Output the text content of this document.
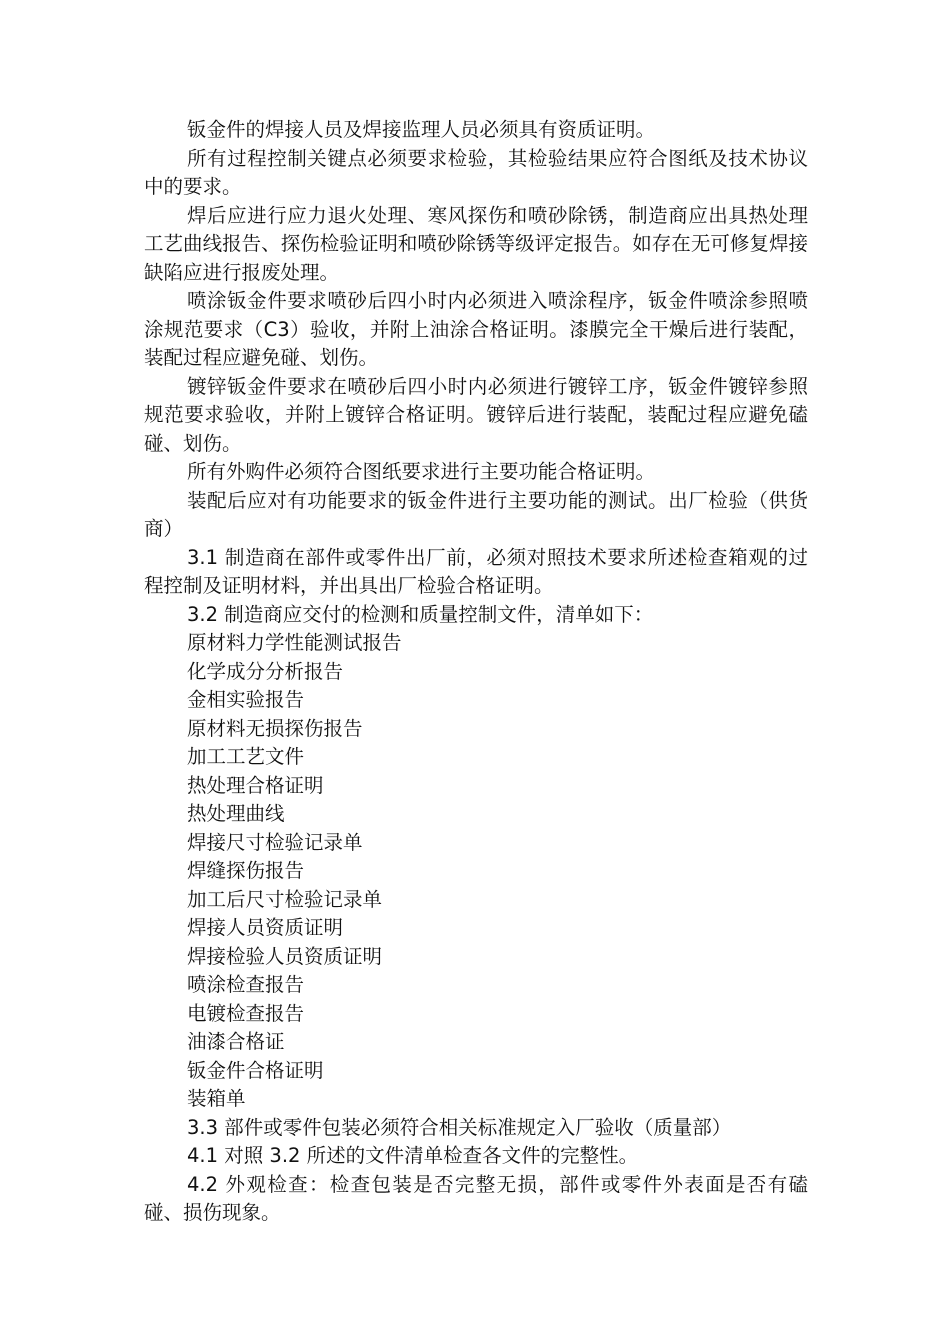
钣金件的焊接人员及焊接监理人员必须具有资质证明。

所有过程控制关键点必须要求检验，其检验结果应符合图纸及技术协议中的要求。

焊后应进行应力退火处理、寒风探伤和喷砂除锈，制造商应出具热处理工艺曲线报告、探伤检验证明和喷砂除锈等级评定报告。如存在无可修复焊接缺陷应进行报废处理。

喷涂钣金件要求喷砂后四小时内必须进入喷涂程序，钣金件喷涂参照喷涂规范要求（C3）验收，并附上油涂合格证明。漆膜完全干燥后进行装配，装配过程应避免碰、划伤。

镀锌钣金件要求在喷砂后四小时内必须进行镀锌工序，钣金件镀锌参照规范要求验收，并附上镀锌合格证明。镀锌后进行装配，装配过程应避免磕碰、划伤。

所有外购件必须符合图纸要求进行主要功能合格证明。

装配后应对有功能要求的钣金件进行主要功能的测试。出厂检验（供货商）

3.1 制造商在部件或零件出厂前，必须对照技术要求所述检查箱观的过程控制及证明材料，并出具出厂检验合格证明。

3.2 制造商应交付的检测和质量控制文件，清单如下：

原材料力学性能测试报告

化学成分分析报告

金相实验报告

原材料无损探伤报告

加工工艺文件

热处理合格证明

热处理曲线

焊接尺寸检验记录单

焊缝探伤报告

加工后尺寸检验记录单

焊接人员资质证明

焊接检验人员资质证明

喷涂检查报告

电镀检查报告

油漆合格证

钣金件合格证明

装箱单

3.3 部件或零件包装必须符合相关标准规定入厂验收（质量部）

4.1 对照 3.2 所述的文件清单检查各文件的完整性。

4.2 外观检查：检查包装是否完整无损，部件或零件外表面是否有磕碰、损伤现象。
